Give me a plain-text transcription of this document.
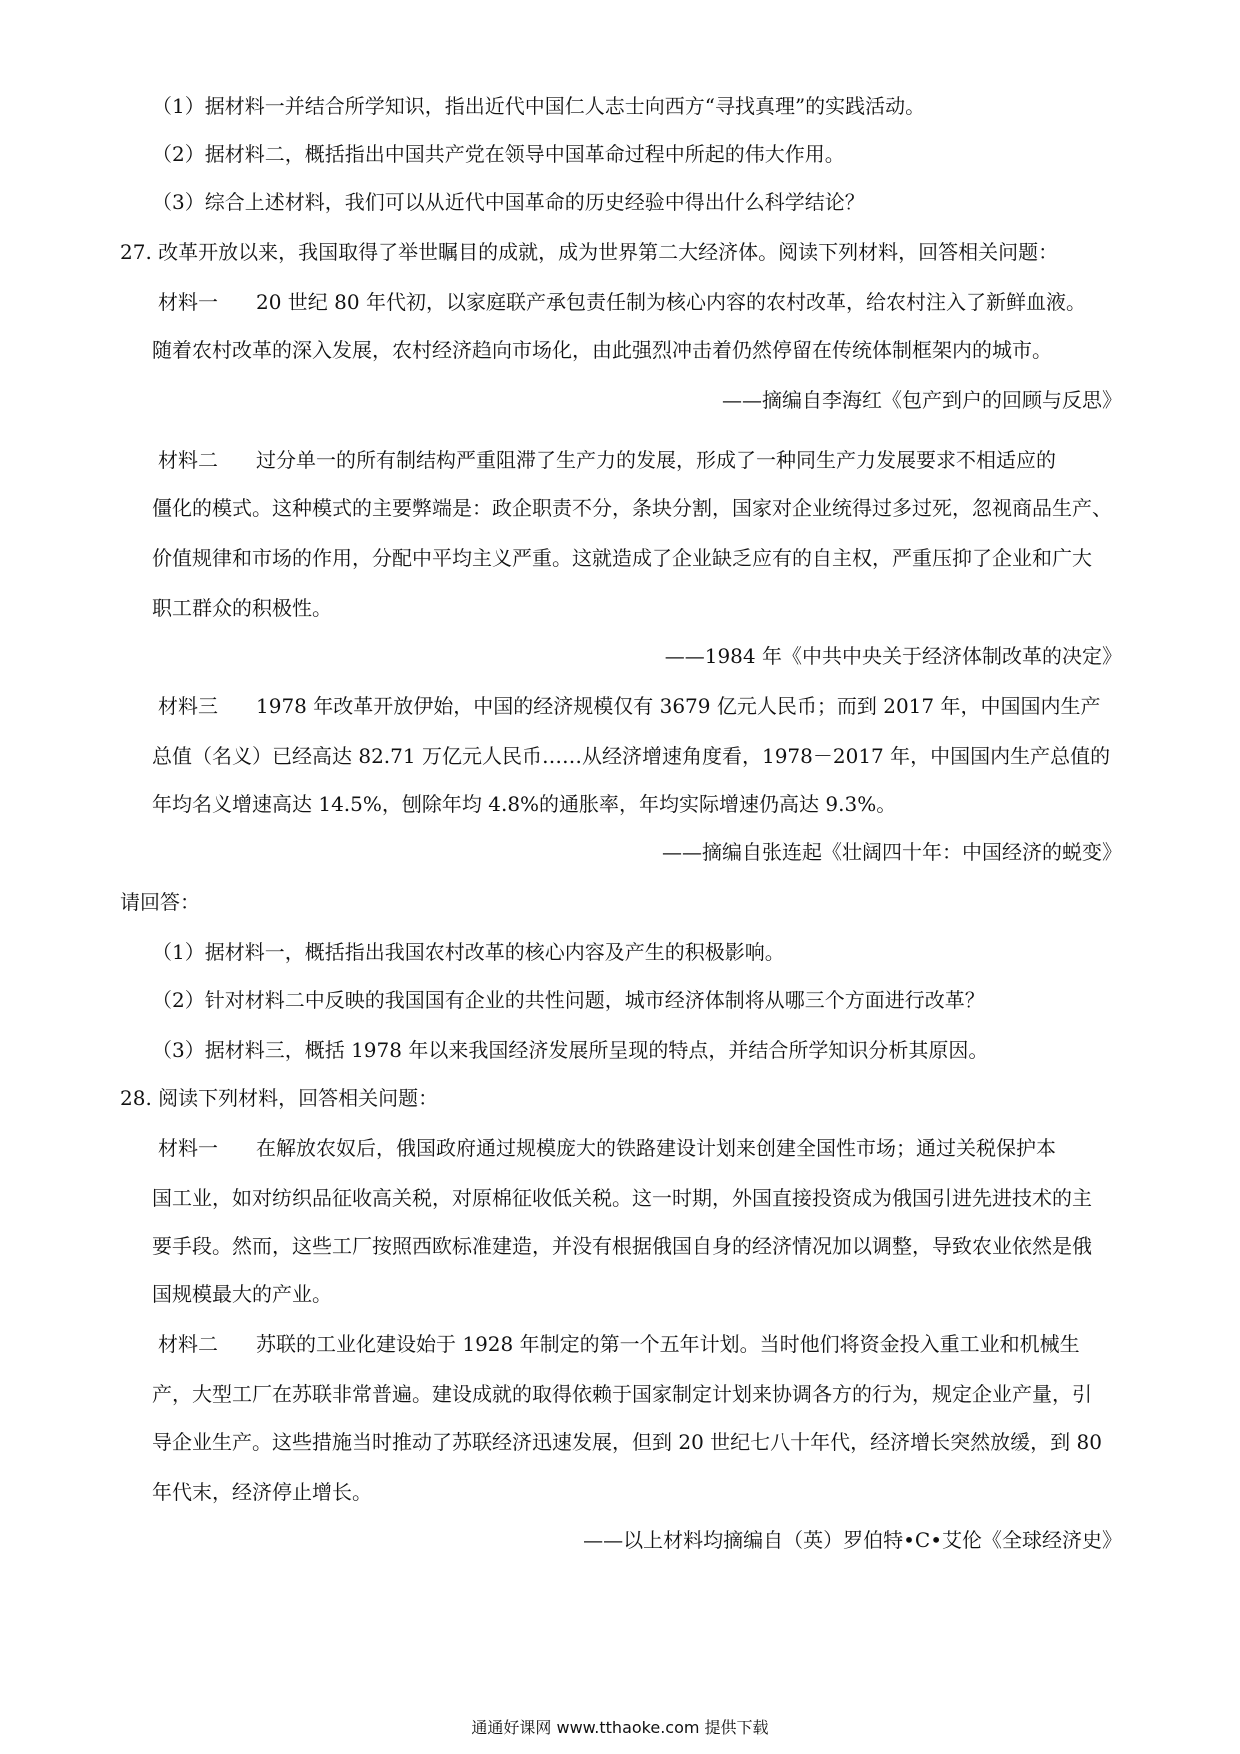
（1）据材料一并结合所学知识，指出近代中国仁人志士向西方“寻找真理”的实践活动。
（2）据材料二，概括指出中国共产党在领导中国革命过程中所起的伟大作用。
（3）综合上述材料，我们可以从近代中国革命的历史经验中得出什么科学结论？
27. 改革开放以来，我国取得了举世瞩目的成就，成为世界第二大经济体。阅读下列材料，回答相关问题：
材料一 20 世纪 80 年代初，以家庭联产承包责任制为核心内容的农村改革，给农村注入了新鲜血液。
随着农村改革的深入发展，农村经济趋向市场化，由此强烈冲击着仍然停留在传统体制框架内的城市。
——摘编自李海红《包产到户的回顾与反思》
材料二 过分单一的所有制结构严重阻滞了生产力的发展，形成了一种同生产力发展要求不相适应的
僵化的模式。这种模式的主要弊端是：政企职责不分，条块分割，国家对企业统得过多过死，忽视商品生产、
价值规律和市场的作用，分配中平均主义严重。这就造成了企业缺乏应有的自主权，严重压抑了企业和广大
职工群众的积极性。
——1984 年《中共中央关于经济体制改革的决定》
材料三 1978 年改革开放伊始，中国的经济规模仅有 3679 亿元人民币；而到 2017 年，中国国内生产
总值（名义）已经高达 82.71 万亿元人民币……从经济增速角度看，1978－2017 年，中国国内生产总值的
年均名义增速高达 14.5%，刨除年均 4.8%的通胀率，年均实际增速仍高达 9.3%。
——摘编自张连起《壮阔四十年：中国经济的蜕变》
请回答：
（1）据材料一，概括指出我国农村改革的核心内容及产生的积极影响。
（2）针对材料二中反映的我国国有企业的共性问题，城市经济体制将从哪三个方面进行改革？
（3）据材料三，概括 1978 年以来我国经济发展所呈现的特点，并结合所学知识分析其原因。
28. 阅读下列材料，回答相关问题：
材料一 在解放农奴后，俄国政府通过规模庞大的铁路建设计划来创建全国性市场；通过关税保护本
国工业，如对纺织品征收高关税，对原棉征收低关税。这一时期，外国直接投资成为俄国引进先进技术的主
要手段。然而，这些工厂按照西欧标准建造，并没有根据俄国自身的经济情况加以调整，导致农业依然是俄
国规模最大的产业。
材料二 苏联的工业化建设始于 1928 年制定的第一个五年计划。当时他们将资金投入重工业和机械生
产，大型工厂在苏联非常普遍。建设成就的取得依赖于国家制定计划来协调各方的行为，规定企业产量，引
导企业生产。这些措施当时推动了苏联经济迅速发展，但到 20 世纪七八十年代，经济增长突然放缓，到 80
年代末，经济停止增长。
——以上材料均摘编自（英）罗伯特•C•艾伦《全球经济史》
通通好课网 www.tthaoke.com 提供下载
